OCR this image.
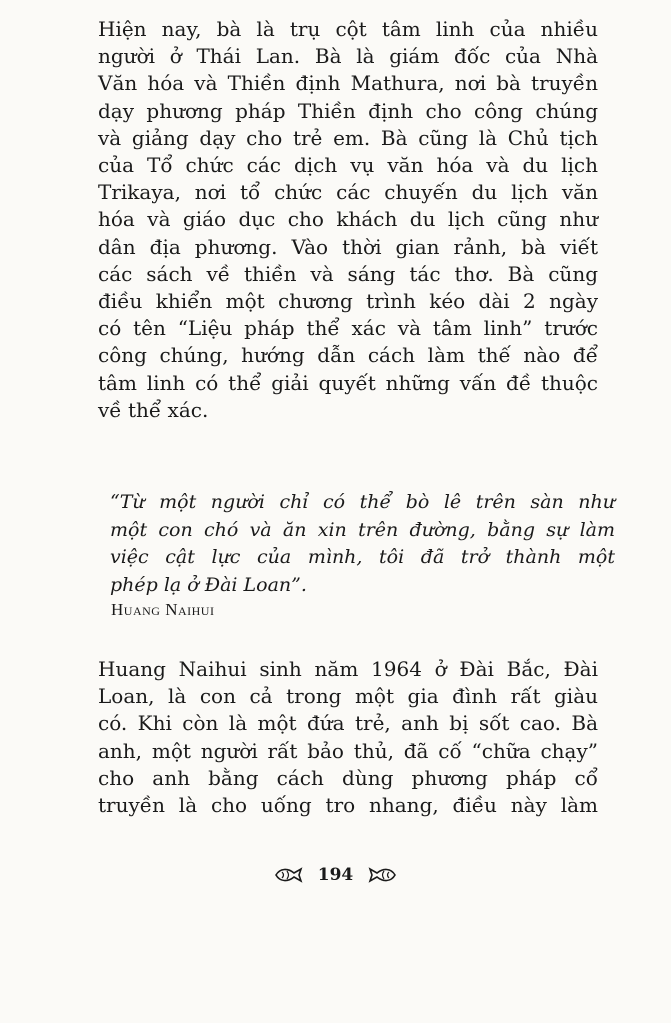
Hiện nay, bà là trụ cột tâm linh của nhiều
người ở Thái Lan. Bà là giám đốc của Nhà
Văn hóa và Thiền định Mathura, nơi bà truyền
dạy phương pháp Thiền định cho công chúng
và giảng dạy cho trẻ em. Bà cũng là Chủ tịch
của Tổ chức các dịch vụ văn hóa và du lịch
Trikaya, nơi tổ chức các chuyến du lịch văn
hóa và giáo dục cho khách du lịch cũng như
dân địa phương. Vào thời gian rảnh, bà viết
các sách về thiền và sáng tác thơ. Bà cũng
điều khiển một chương trình kéo dài 2 ngày
có tên “Liệu pháp thể xác và tâm linh” trước
công chúng, hướng dẫn cách làm thế nào để
tâm linh có thể giải quyết những vấn đề thuộc
về thể xác.
“Từ một người chỉ có thể bò lê trên sàn như
một con chó và ăn xin trên đường, bằng sự làm
việc cật lực của mình, tôi đã trở thành một
phép lạ ở Đài Loan”.
Huang Naihui
Huang Naihui sinh năm 1964 ở Đài Bắc, Đài
Loan, là con cả trong một gia đình rất giàu
có. Khi còn là một đứa trẻ, anh bị sốt cao. Bà
anh, một người rất bảo thủ, đã cố “chữa chạy”
cho anh bằng cách dùng phương pháp cổ
truyền là cho uống tro nhang, điều này làm
194
